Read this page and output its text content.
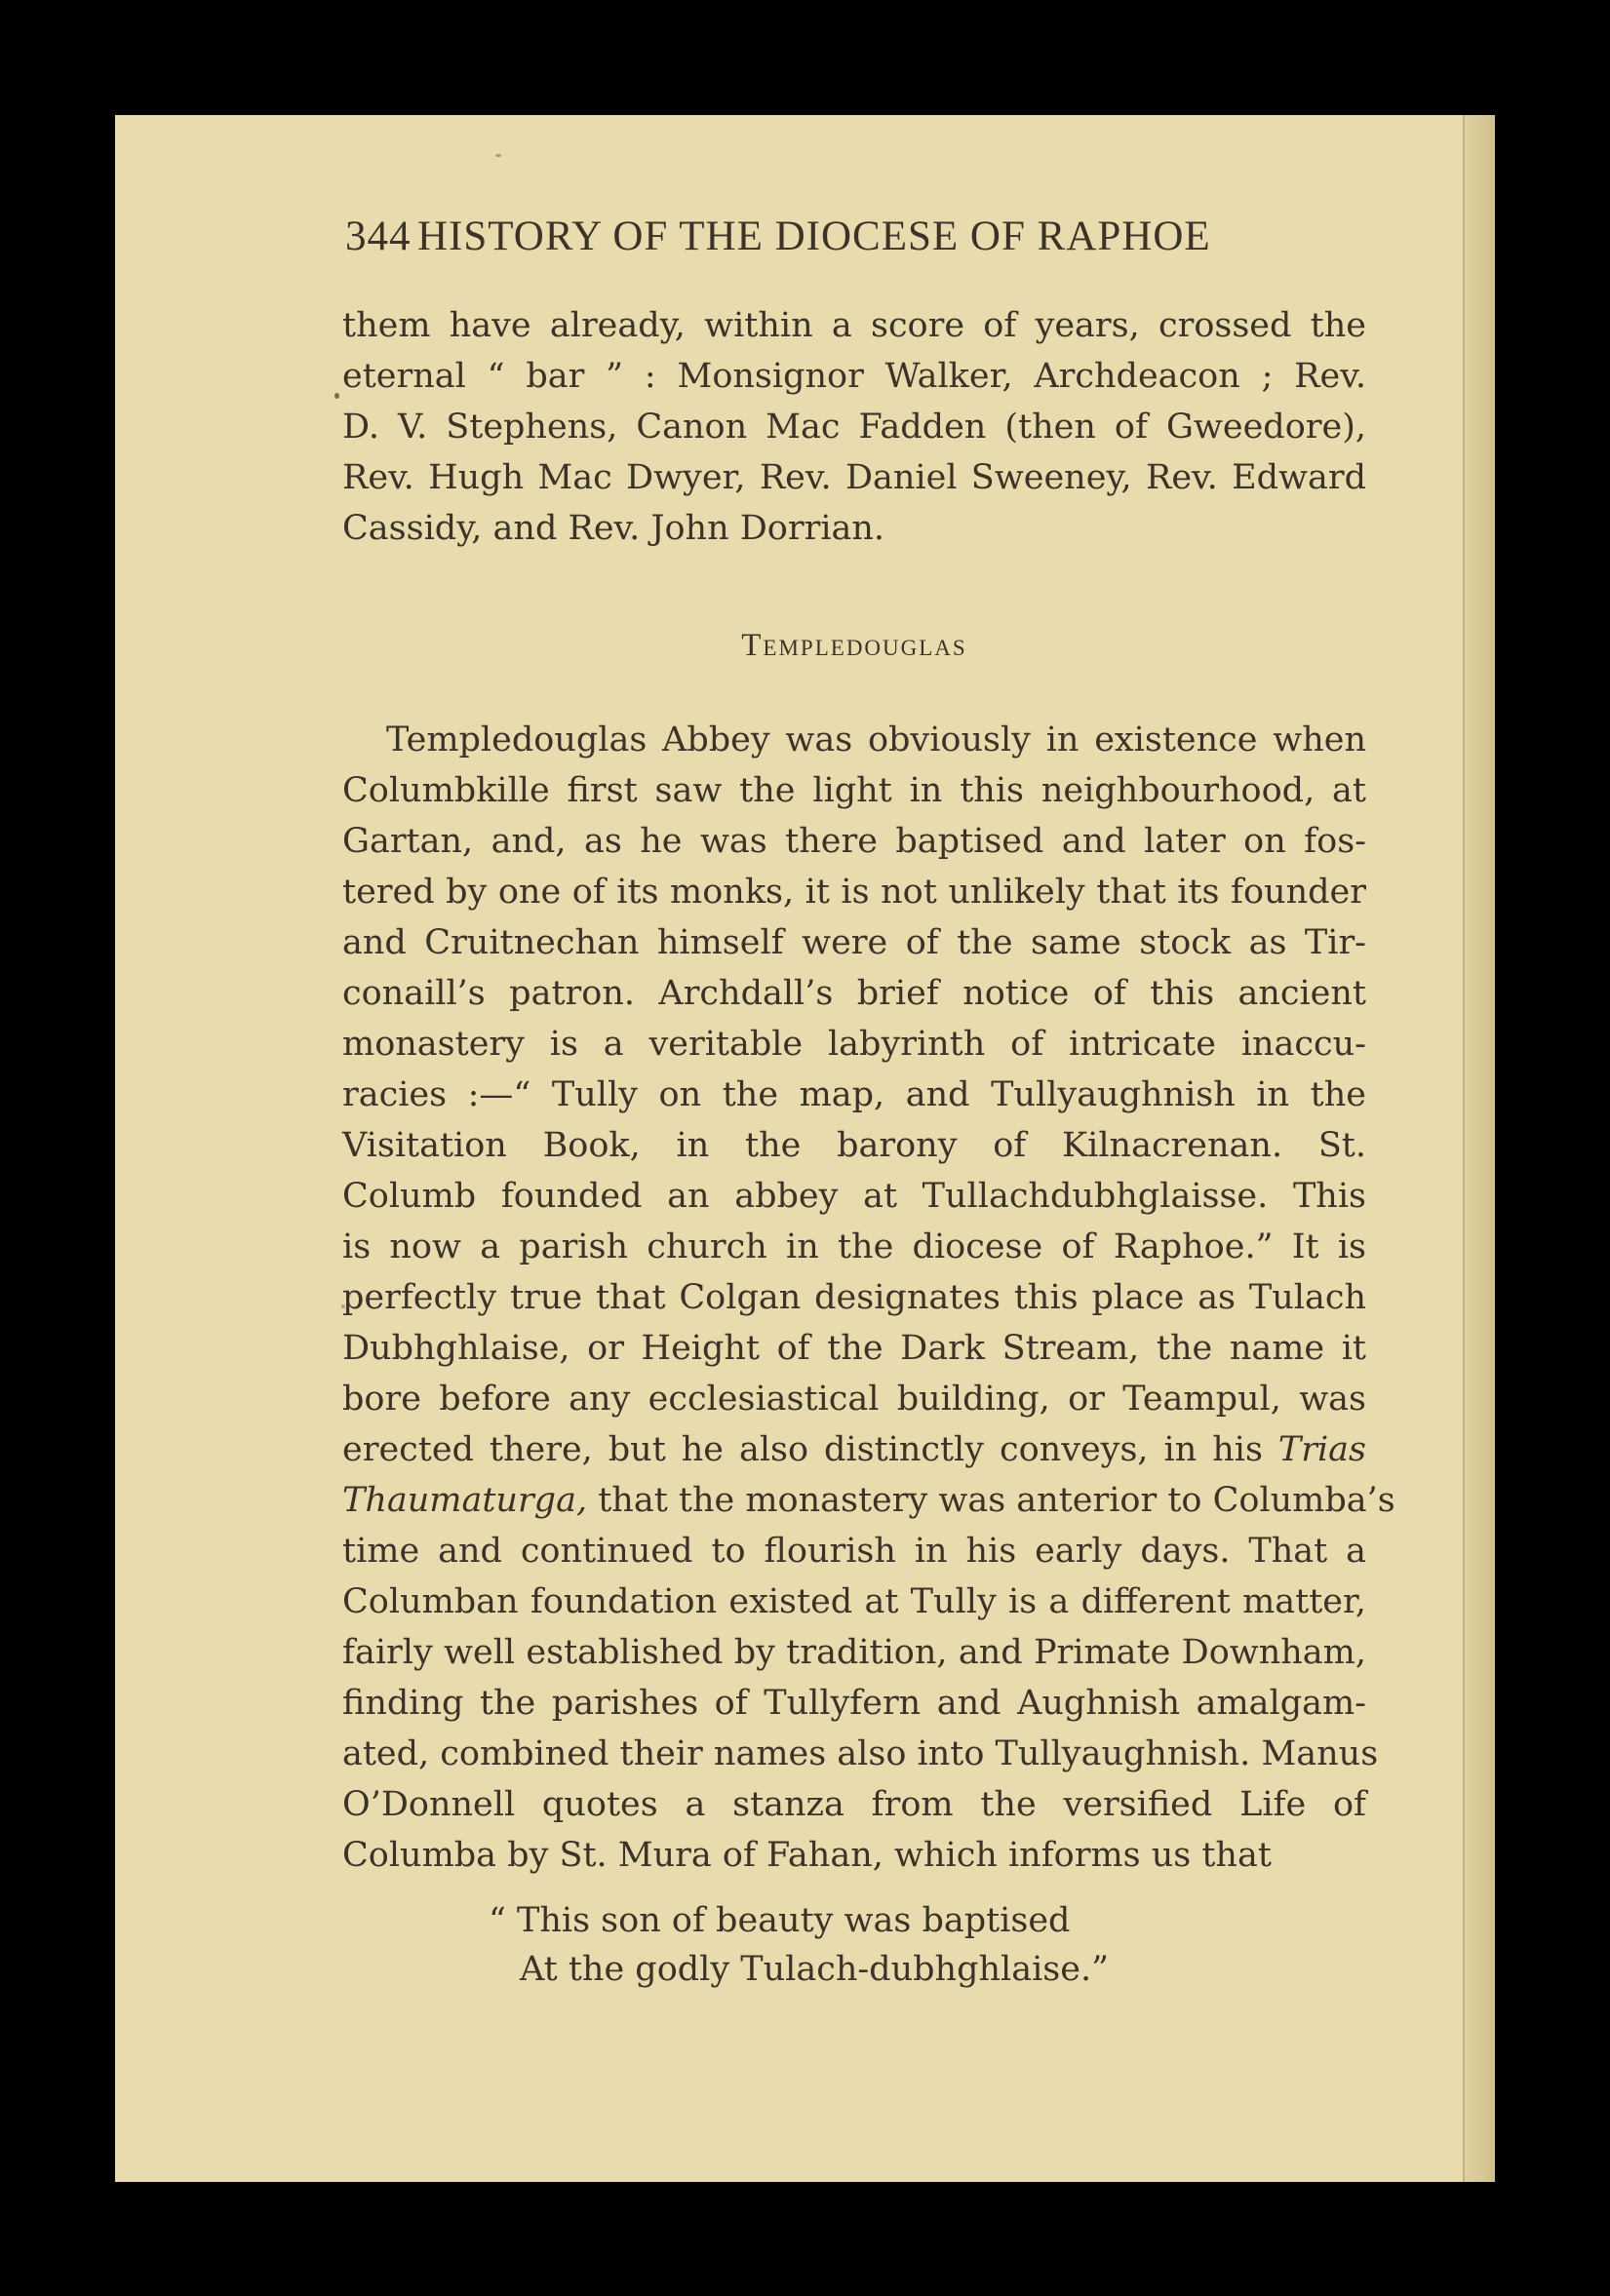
344 HISTORY OF THE DIOCESE OF RAPHOE
them have already, within a score of years, crossed the
eternal “ bar ” : Monsignor Walker, Archdeacon ; Rev.
D. V. Stephens, Canon Mac Fadden (then of Gweedore),
Rev. Hugh Mac Dwyer, Rev. Daniel Sweeney, Rev. Edward
Cassidy, and Rev. John Dorrian.
Templedouglas
Templedouglas Abbey was obviously in existence when
Columbkille first saw the light in this neighbourhood, at
Gartan, and, as he was there baptised and later on fos-
tered by one of its monks, it is not unlikely that its founder
and Cruitnechan himself were of the same stock as Tir-
conaill’s patron. Archdall’s brief notice of this ancient
monastery is a veritable labyrinth of intricate inaccu-
racies :—“ Tully on the map, and Tullyaughnish in the
Visitation Book, in the barony of Kilnacrenan. St.
Columb founded an abbey at Tullachdubhglaisse. This
is now a parish church in the diocese of Raphoe.” It is
perfectly true that Colgan designates this place as Tulach
Dubhghlaise, or Height of the Dark Stream, the name it
bore before any ecclesiastical building, or Teampul, was
erected there, but he also distinctly conveys, in his Trias
Thaumaturga, that the monastery was anterior to Columba’s
time and continued to flourish in his early days. That a
Columban foundation existed at Tully is a different matter,
fairly well established by tradition, and Primate Downham,
finding the parishes of Tullyfern and Aughnish amalgam-
ated, combined their names also into Tullyaughnish. Manus
O’Donnell quotes a stanza from the versified Life of
Columba by St. Mura of Fahan, which informs us that
“ This son of beauty was baptised
At the godly Tulach-dubhghlaise.”
